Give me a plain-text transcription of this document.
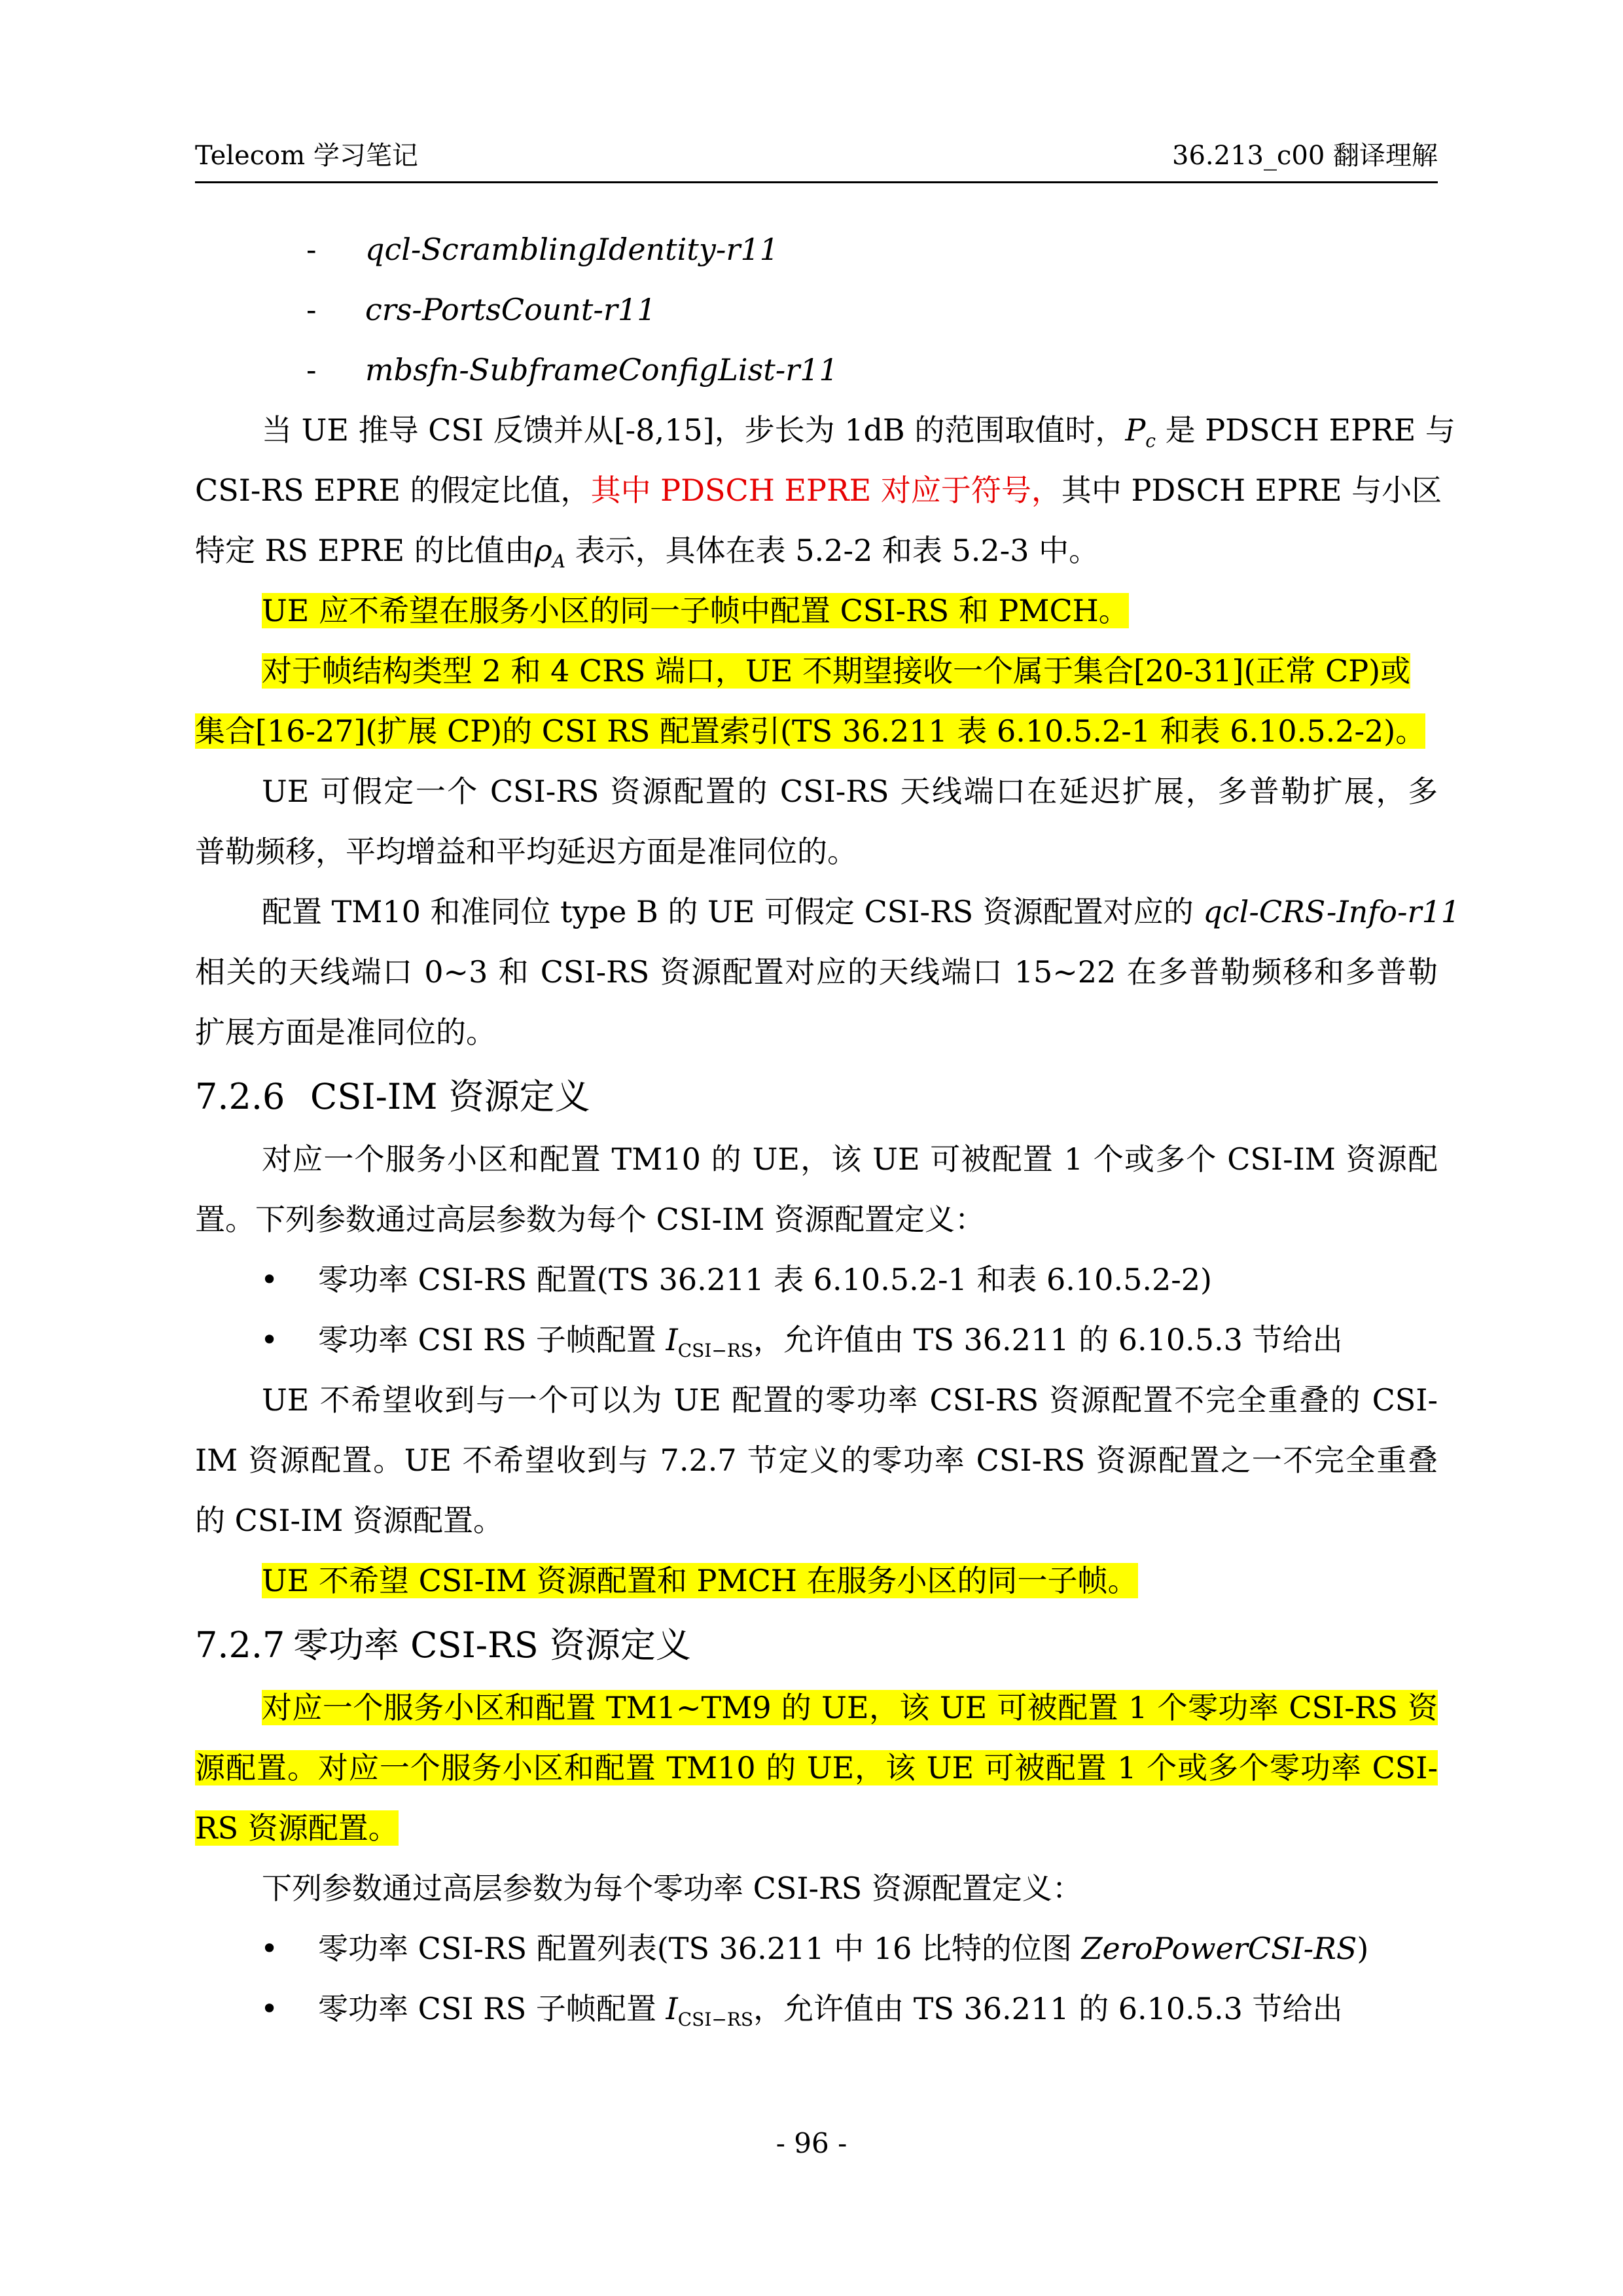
Telecom 学习笔记	36.213_c00 翻译理解
- qcl-ScramblingIdentity-r11
- crs-PortsCount-r11
- mbsfn-SubframeConfigList-r11
当 UE 推导 CSI 反馈并从[-8,15]，步长为 1dB 的范围取值时，$P_c$ 是 PDSCH EPRE 与
CSI-RS EPRE 的假定比值，其中 PDSCH EPRE 对应于符号，其中 PDSCH EPRE 与小区
特定 RS EPRE 的比值由$\rho_A$ 表示，具体在表 5.2-2 和表 5.2-3 中。
UE 应不希望在服务小区的同一子帧中配置 CSI-RS 和 PMCH。
对于帧结构类型 2 和 4 CRS 端口，UE 不期望接收一个属于集合[20-31](正常 CP)或
集合[16-27](扩展 CP)的 CSI RS 配置索引(TS 36.211 表 6.10.5.2-1 和表 6.10.5.2-2)。
UE 可假定一个 CSI-RS 资源配置的 CSI-RS 天线端口在延迟扩展，多普勒扩展，多
普勒频移，平均增益和平均延迟方面是准同位的。
配置 TM10 和准同位 type B 的 UE 可假定 CSI-RS 资源配置对应的 qcl-CRS-Info-r11
相关的天线端口 0~3 和 CSI-RS 资源配置对应的天线端口 15~22 在多普勒频移和多普勒
扩展方面是准同位的。
7.2.6 CSI-IM 资源定义
对应一个服务小区和配置 TM10 的 UE，该 UE 可被配置 1 个或多个 CSI-IM 资源配
置。下列参数通过高层参数为每个 CSI-IM 资源配置定义：
• 零功率 CSI-RS 配置(TS 36.211 表 6.10.5.2-1 和表 6.10.5.2-2)
• 零功率 CSI RS 子帧配置 $I_{CSI-RS}$，允许值由 TS 36.211 的 6.10.5.3 节给出
UE 不希望收到与一个可以为 UE 配置的零功率 CSI-RS 资源配置不完全重叠的 CSI-
IM 资源配置。UE 不希望收到与 7.2.7 节定义的零功率 CSI-RS 资源配置之一不完全重叠
的 CSI-IM 资源配置。
UE 不希望 CSI-IM 资源配置和 PMCH 在服务小区的同一子帧。
7.2.7 零功率 CSI-RS 资源定义
对应一个服务小区和配置 TM1~TM9 的 UE，该 UE 可被配置 1 个零功率 CSI-RS 资
源配置。对应一个服务小区和配置 TM10 的 UE，该 UE 可被配置 1 个或多个零功率 CSI-
RS 资源配置。
下列参数通过高层参数为每个零功率 CSI-RS 资源配置定义：
• 零功率 CSI-RS 配置列表(TS 36.211 中 16 比特的位图 ZeroPowerCSI-RS)
• 零功率 CSI RS 子帧配置 $I_{CSI-RS}$，允许值由 TS 36.211 的 6.10.5.3 节给出
- 96 -
